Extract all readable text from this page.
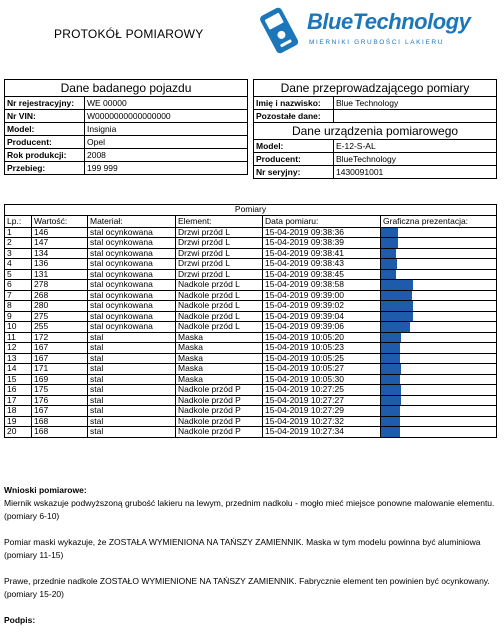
PROTOKÓŁ POMIAROWY	BlueTechnology
MIERNIKI GRUBOŚCI LAKIERU
Dane badanego pojazdu	
Nr rejestracyjny:	WE 00000
Nr VIN:	W0000000000000000
Model:	Insignia
Producent:	Opel
Rok produkcji:	2008
Przebieg:	199 999
Dane przeprowadzającego pomiary	
Imię i nazwisko:	Blue Technology
Pozostałe dane:	
Dane urządzenia pomiarowego	
Model:	E-12-S-AL
Producent:	BlueTechnology
Nr seryjny:	1430091001
Pomiary					
Lp.:	Wartość:	Materiał:	Element:	Data pomiaru:	Graficzna prezentacja:
1	146	stal ocynkowana	Drzwi przód L	15-04-2019 09:38:36	

2	147	stal ocynkowana	Drzwi przód L	15-04-2019 09:38:39	

3	134	stal ocynkowana	Drzwi przód L	15-04-2019 09:38:41	

4	136	stal ocynkowana	Drzwi przód L	15-04-2019 09:38:43	

5	131	stal ocynkowana	Drzwi przód L	15-04-2019 09:38:45	

6	278	stal ocynkowana	Nadkole przód L	15-04-2019 09:38:58	

7	268	stal ocynkowana	Nadkole przód L	15-04-2019 09:39:00	

8	280	stal ocynkowana	Nadkole przód L	15-04-2019 09:39:02	

9	275	stal ocynkowana	Nadkole przód L	15-04-2019 09:39:04	

10	255	stal ocynkowana	Nadkole przód L	15-04-2019 09:39:06	

11	172	stal	Maska	15-04-2019 10:05:20	

12	167	stal	Maska	15-04-2019 10:05:23	

13	167	stal	Maska	15-04-2019 10:05:25	

14	171	stal	Maska	15-04-2019 10:05:27	

15	169	stal	Maska	15-04-2019 10:05:30	

16	175	stal	Nadkole przód P	15-04-2019 10:27:25	

17	176	stal	Nadkole przód P	15-04-2019 10:27:27	

18	167	stal	Nadkole przód P	15-04-2019 10:27:29	

19	168	stal	Nadkole przód P	15-04-2019 10:27:32	

20	168	stal	Nadkole przód P	15-04-2019 10:27:34	

Wnioski pomiarowe:

Miernik wskazuje podwyższoną grubość lakieru na lewym, przednim nadkolu - mogło mieć miejsce ponowne malowanie elementu. (pomiary 6-10)

Pomiar maski wykazuje, że ZOSTAŁA WYMIENIONA NA TAŃSZY ZAMIENNIK. Maska w tym modelu powinna być aluminiowa (pomiary 11-15)

Prawe, przednie nadkole ZOSTAŁO WYMIENIONE NA TAŃSZY ZAMIENNIK. Fabrycznie element ten powinien być ocynkowany. (pomiary 15-20)

Podpis:
